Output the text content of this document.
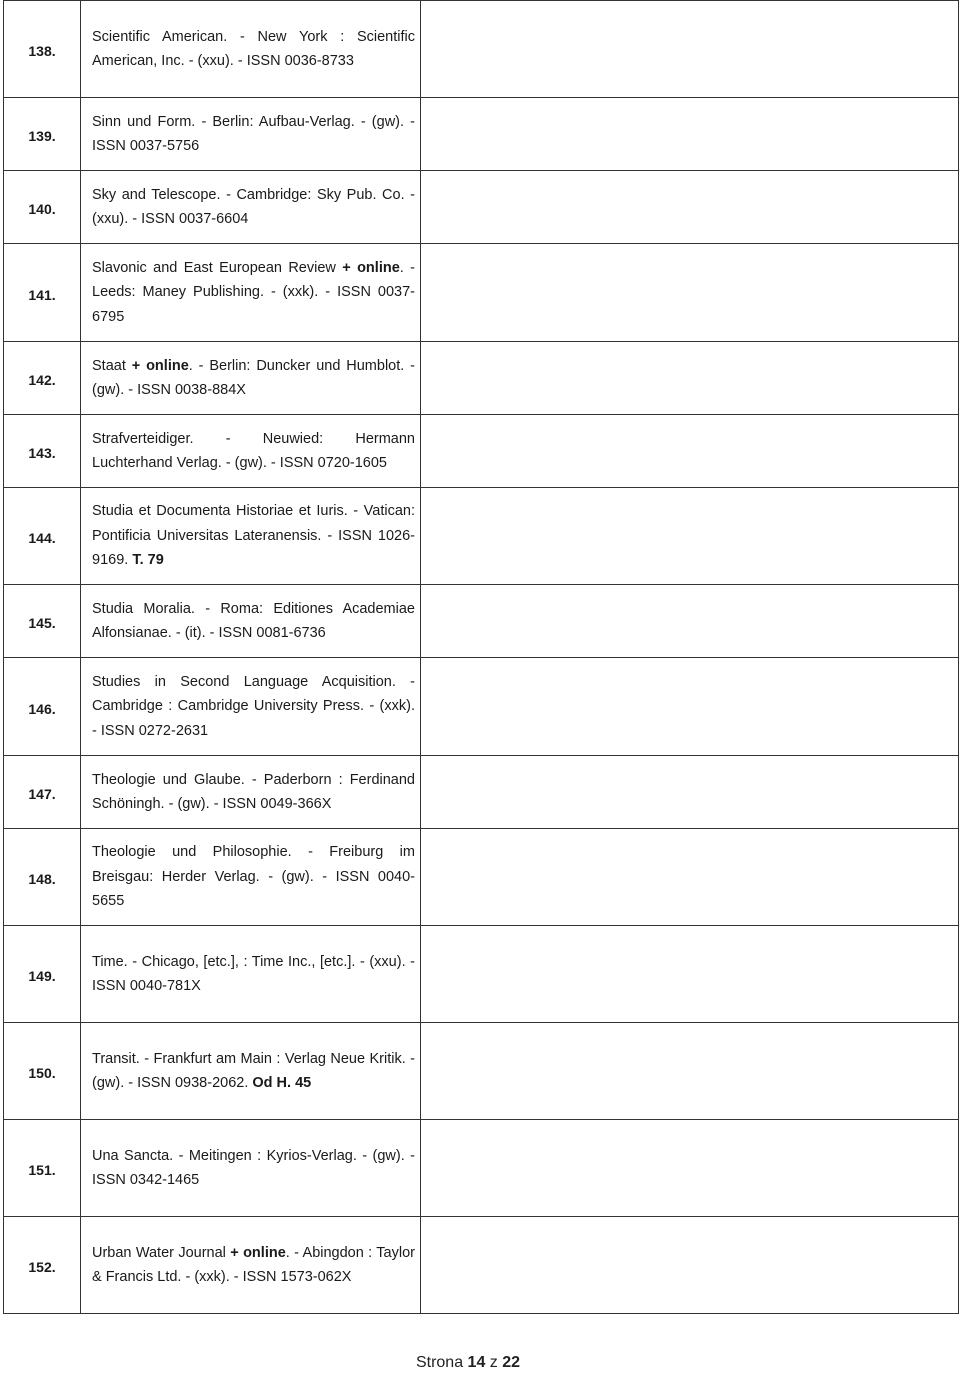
138.	Scientific American. - New York : Scientific American, Inc. - (xxu). - ISSN 0036-8733	

139.	Sinn und Form. - Berlin: Aufbau-Verlag. - (gw). - ISSN 0037-5756	

140.	Sky and Telescope. - Cambridge: Sky Pub. Co. - (xxu). - ISSN 0037-6604	

141.	Slavonic and East European Review + online. - Leeds: Maney Publishing. - (xxk). - ISSN 0037-6795	

142.	Staat + online. - Berlin: Duncker und Humblot. - (gw). - ISSN 0038-884X	

143.	Strafverteidiger. - Neuwied: Hermann Luchterhand Verlag. - (gw). - ISSN 0720-1605	

144.	Studia et Documenta Historiae et Iuris. - Vatican: Pontificia Universitas Lateranensis. - ISSN 1026-9169. T. 79	

145.	Studia Moralia. - Roma: Editiones Academiae Alfonsianae. - (it). - ISSN 0081-6736	

146.	Studies in Second Language Acquisition. - Cambridge : Cambridge University Press. - (xxk). - ISSN 0272-2631	

147.	Theologie und Glaube. - Paderborn : Ferdinand Schöningh. - (gw). - ISSN 0049-366X	

148.	Theologie und Philosophie. - Freiburg im Breisgau: Herder Verlag. - (gw). - ISSN 0040-5655	

149.	Time. - Chicago, [etc.], : Time Inc., [etc.]. - (xxu). - ISSN 0040-781X	

150.	Transit. - Frankfurt am Main : Verlag Neue Kritik. - (gw). - ISSN 0938-2062. Od H. 45	

151.	Una Sancta. - Meitingen : Kyrios-Verlag. - (gw). - ISSN 0342-1465	

152.	Urban Water Journal + online. - Abingdon : Taylor & Francis Ltd. - (xxk). - ISSN 1573-062X	

Strona 14 z 22
